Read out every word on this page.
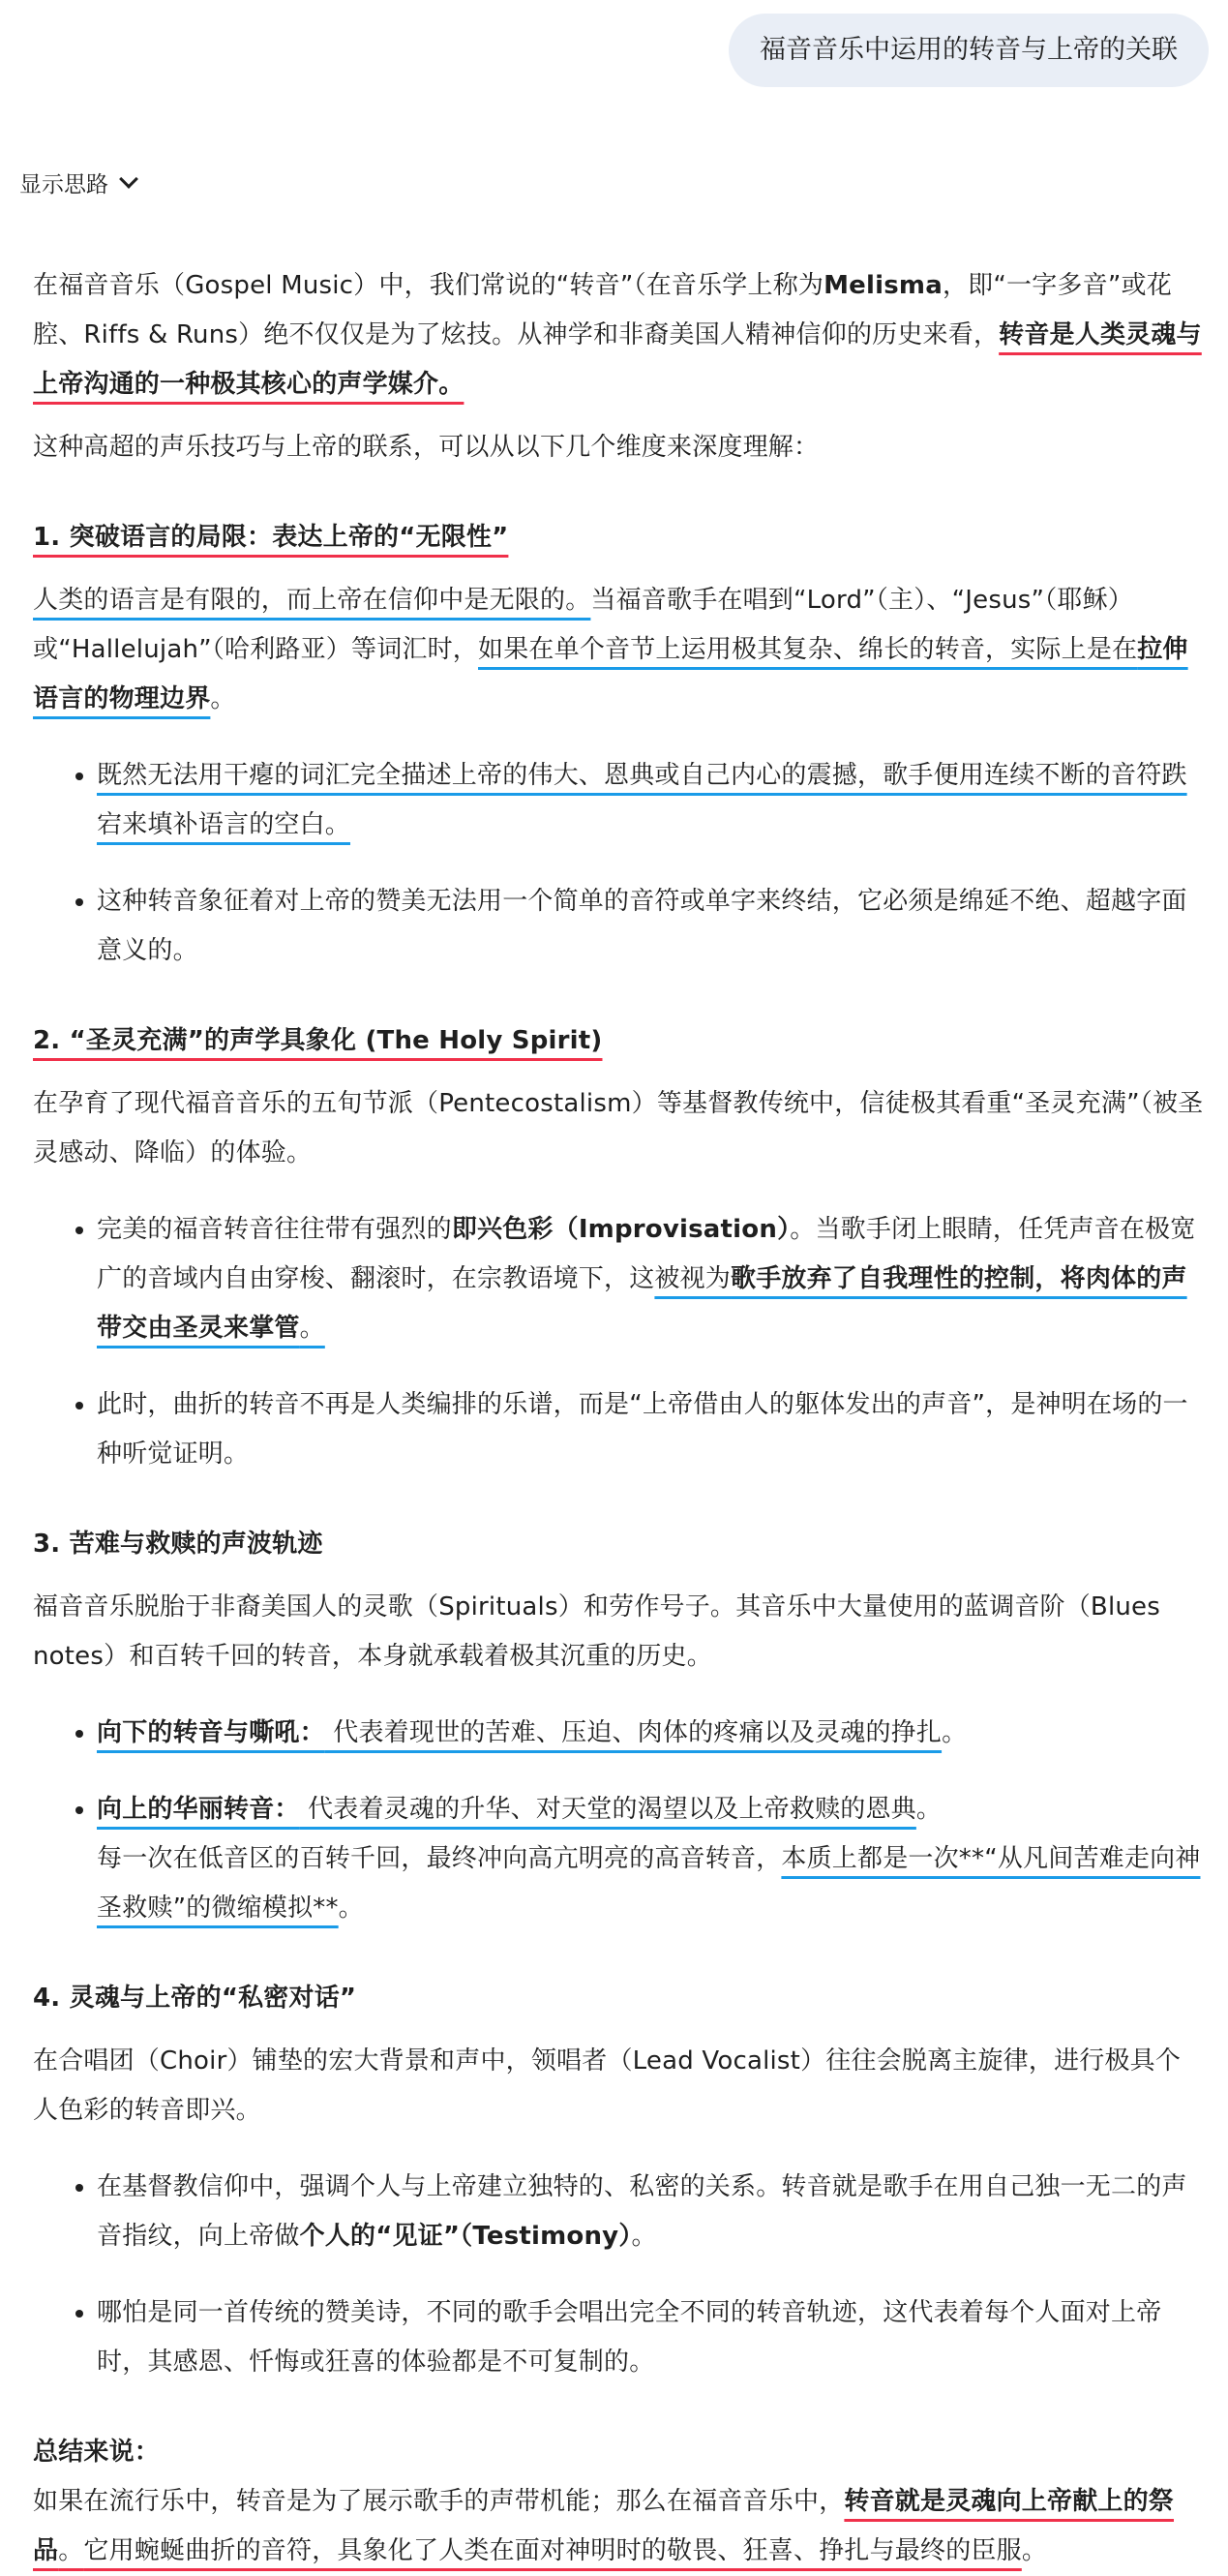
福音音乐中运用的转音与上帝的关联
显示思路

在福音音乐（Gospel Music）中，我们常说的“转音”（在音乐学上称为Melisma，即“一字多音”或花腔、Riffs & Runs）绝不仅仅是为了炫技。从神学和非裔美国人精神信仰的历史来看，转音是人类灵魂与上帝沟通的一种极其核心的声学媒介。

这种高超的声乐技巧与上帝的联系，可以从以下几个维度来深度理解：

1. 突破语言的局限：表达上帝的“无限性”

人类的语言是有限的，而上帝在信仰中是无限的。当福音歌手在唱到“Lord”（主）、“Jesus”（耶稣）或“Hallelujah”（哈利路亚）等词汇时，如果在单个音节上运用极其复杂、绵长的转音，实际上是在拉伸语言的物理边界。

• 既然无法用干瘪的词汇完全描述上帝的伟大、恩典或自己内心的震撼，歌手便用连续不断的音符跌宕来填补语言的空白。
• 这种转音象征着对上帝的赞美无法用一个简单的音符或单字来终结，它必须是绵延不绝、超越字面意义的。
2. “圣灵充满”的声学具象化 (The Holy Spirit)

在孕育了现代福音音乐的五旬节派（Pentecostalism）等基督教传统中，信徒极其看重“圣灵充满”（被圣灵感动、降临）的体验。

• 完美的福音转音往往带有强烈的即兴色彩（Improvisation）。当歌手闭上眼睛，任凭声音在极宽广的音域内自由穿梭、翻滚时，在宗教语境下，这被视为歌手放弃了自我理性的控制，将肉体的声带交由圣灵来掌管。
• 此时，曲折的转音不再是人类编排的乐谱，而是“上帝借由人的躯体发出的声音”，是神明在场的一种听觉证明。
3. 苦难与救赎的声波轨迹

福音音乐脱胎于非裔美国人的灵歌（Spirituals）和劳作号子。其音乐中大量使用的蓝调音阶（Blues notes）和百转千回的转音，本身就承载着极其沉重的历史。

• 向下的转音与嘶吼： 代表着现世的苦难、压迫、肉体的疼痛以及灵魂的挣扎。
• 向上的华丽转音： 代表着灵魂的升华、对天堂的渴望以及上帝救赎的恩典。
每一次在低音区的百转千回，最终冲向高亢明亮的高音转音，本质上都是一次**“从凡间苦难走向神圣救赎”的微缩模拟**。
4. 灵魂与上帝的“私密对话”

在合唱团（Choir）铺垫的宏大背景和声中，领唱者（Lead Vocalist）往往会脱离主旋律，进行极具个人色彩的转音即兴。

• 在基督教信仰中，强调个人与上帝建立独特的、私密的关系。转音就是歌手在用自己独一无二的声音指纹，向上帝做个人的“见证”（Testimony）。
• 哪怕是同一首传统的赞美诗，不同的歌手会唱出完全不同的转音轨迹，这代表着每个人面对上帝时，其感恩、忏悔或狂喜的体验都是不可复制的。

总结来说：

如果在流行乐中，转音是为了展示歌手的声带机能；那么在福音音乐中，转音就是灵魂向上帝献上的祭品。它用蜿蜒曲折的音符，具象化了人类在面对神明时的敬畏、狂喜、挣扎与最终的臣服。
